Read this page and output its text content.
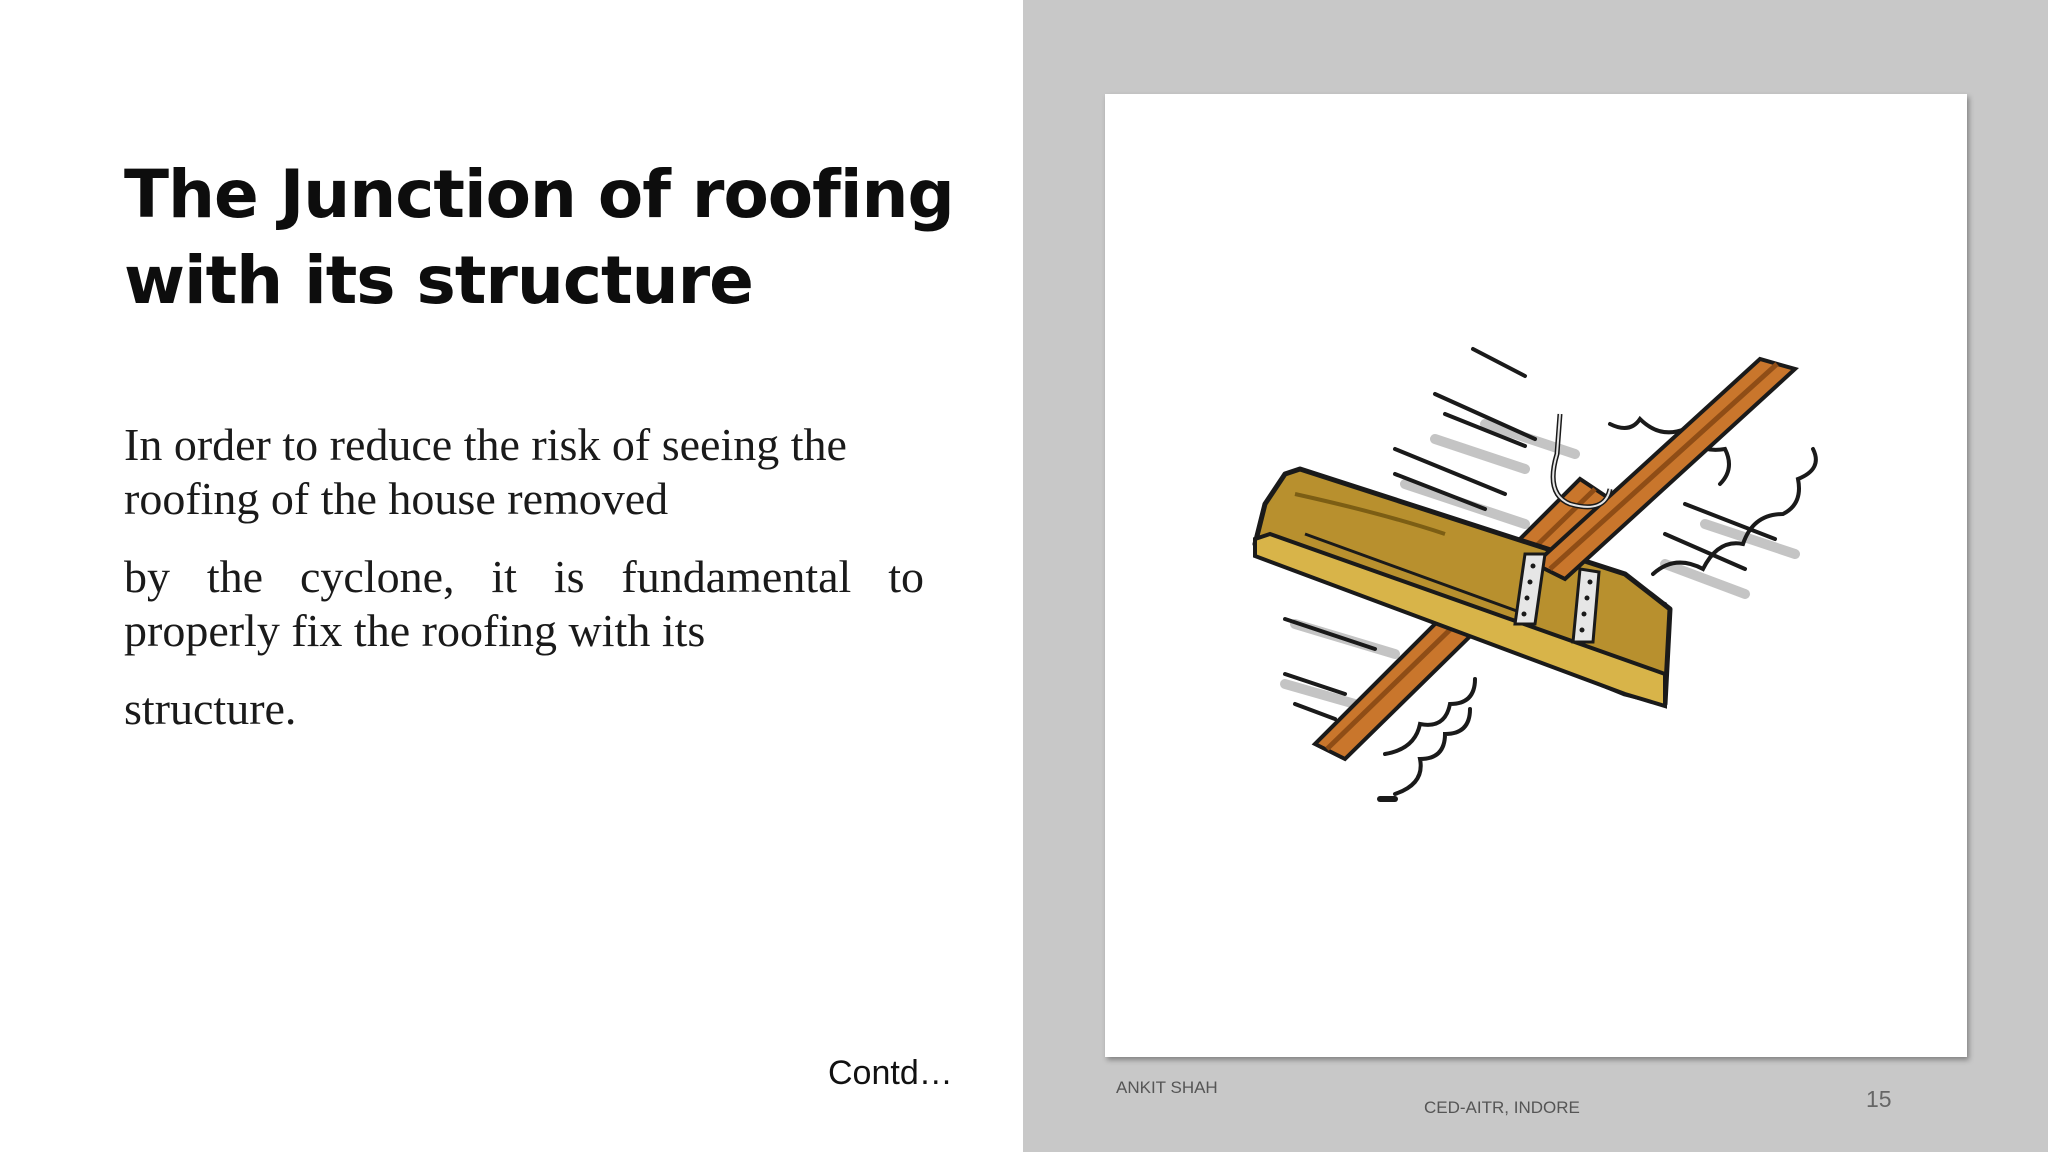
The Junction of roofing
with its structure
In order to reduce the risk of seeing the
roofing of the house removed
by the cyclone, it is fundamental to
properly fix the roofing with its
structure.
Contd…	ANKIT SHAH
CED-AITR, INDORE	15
